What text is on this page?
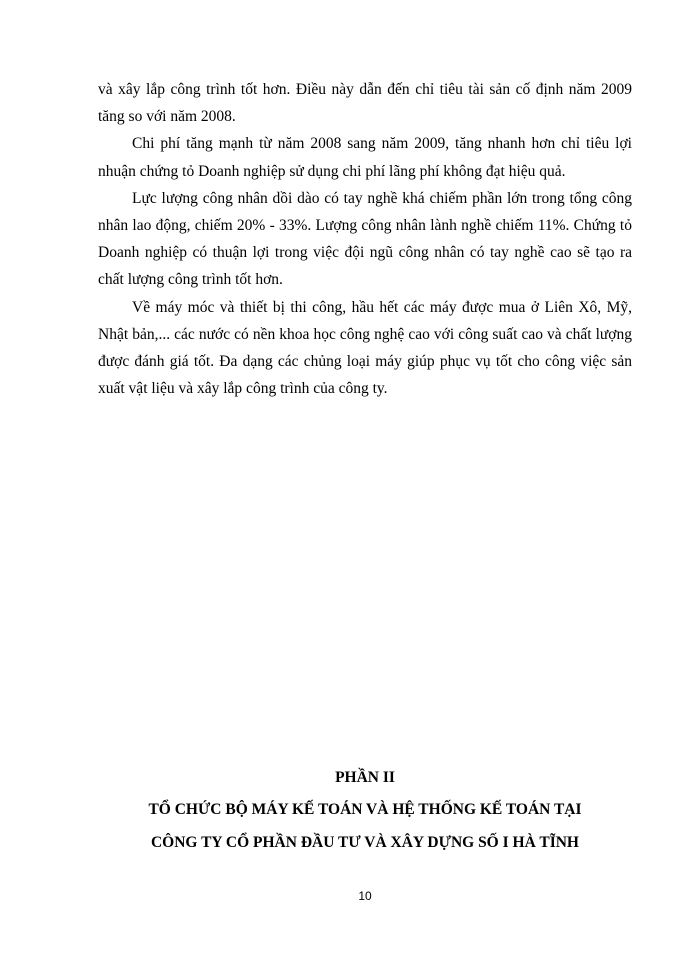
và xây lắp công trình tốt hơn. Điều này dẫn đến chỉ tiêu tài sản cố định năm 2009 tăng so với năm 2008.

Chi phí tăng mạnh từ năm 2008 sang năm 2009, tăng nhanh hơn chỉ tiêu lợi nhuận chứng tỏ Doanh nghiệp sử dụng chi phí lãng phí không đạt hiệu quả.

Lực lượng công nhân dồi dào có tay nghề khá chiếm phần lớn trong tổng công nhân lao động, chiếm 20% - 33%. Lượng công nhân lành nghề chiếm 11%. Chứng tỏ Doanh nghiệp có thuận lợi trong việc đội ngũ công nhân có tay nghề cao sẽ tạo ra chất lượng công trình tốt hơn.

Về máy móc và thiết bị thi công, hầu hết các máy được mua ở Liên Xô, Mỹ, Nhật bản,... các nước có nền khoa học công nghệ cao với công suất cao và chất lượng được đánh giá tốt. Đa dạng các chủng loại máy giúp phục vụ tốt cho công việc sản xuất vật liệu và xây lắp công trình của công ty.

PHẦN II
TỔ CHỨC BỘ MÁY KẾ TOÁN VÀ HỆ THỐNG KẾ TOÁN TẠI
CÔNG TY CỔ PHẦN ĐẦU TƯ VÀ XÂY DỰNG SỐ I HÀ TĨNH
10
